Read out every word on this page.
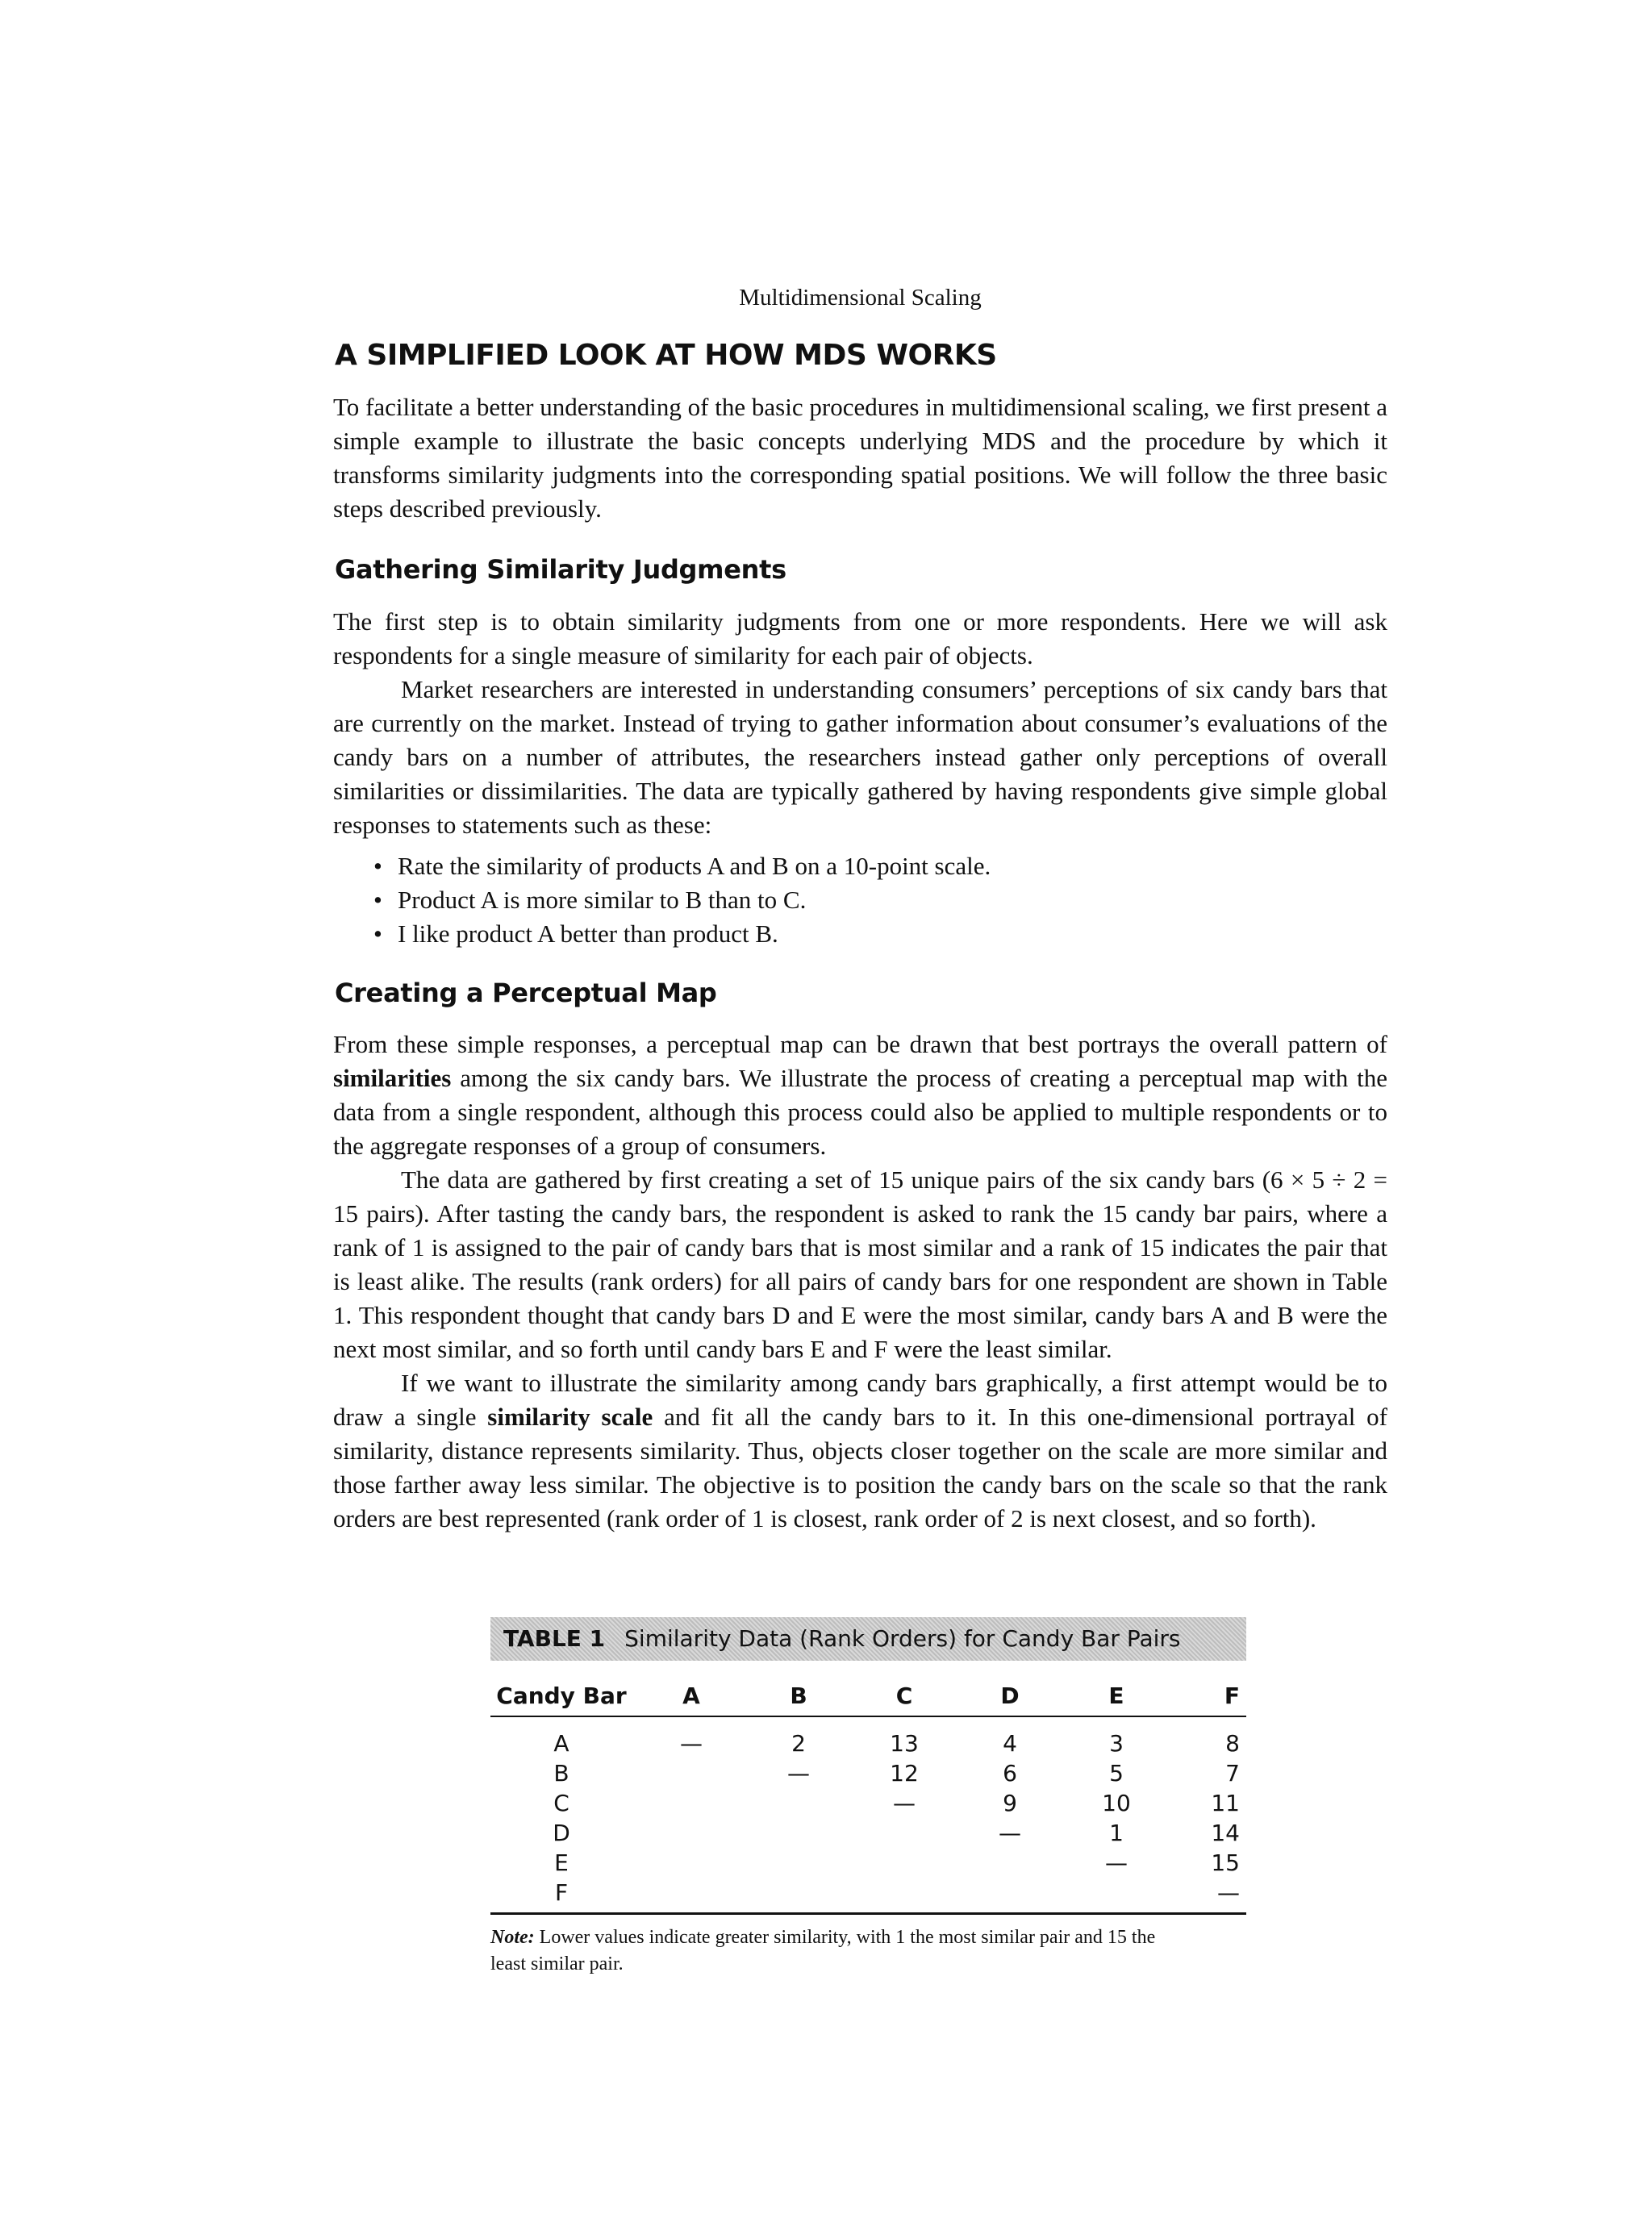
Multidimensional Scaling
A SIMPLIFIED LOOK AT HOW MDS WORKS

To facilitate a better understanding of the basic procedures in multidimensional scaling, we first present a simple example to illustrate the basic concepts underlying MDS and the procedure by which it transforms similarity judgments into the corresponding spatial positions. We will follow the three basic steps described previously.

Gathering Similarity Judgments

The first step is to obtain similarity judgments from one or more respondents. Here we will ask respondents for a single measure of similarity for each pair of objects.

Market researchers are interested in understanding consumers’ perceptions of six candy bars that are currently on the market. Instead of trying to gather information about consumer’s evaluations of the candy bars on a number of attributes, the researchers instead gather only perceptions of overall similarities or dissimilarities. The data are typically gathered by having respondents give simple global responses to statements such as these:

• Rate the similarity of products A and B on a 10-point scale.
• Product A is more similar to B than to C.
• I like product A better than product B.
Creating a Perceptual Map

From these simple responses, a perceptual map can be drawn that best portrays the overall pattern of similarities among the six candy bars. We illustrate the process of creating a perceptual map with the data from a single respondent, although this process could also be applied to multiple respondents or to the aggregate responses of a group of consumers.

The data are gathered by first creating a set of 15 unique pairs of the six candy bars (6 × 5 ÷ 2 = 15 pairs). After tasting the candy bars, the respondent is asked to rank the 15 candy bar pairs, where a rank of 1 is assigned to the pair of candy bars that is most similar and a rank of 15 indicates the pair that is least alike. The results (rank orders) for all pairs of candy bars for one respondent are shown in Table 1. This respondent thought that candy bars D and E were the most similar, candy bars A and B were the next most similar, and so forth until candy bars E and F were the least similar.

If we want to illustrate the similarity among candy bars graphically, a first attempt would be to draw a single similarity scale and fit all the candy bars to it. In this one-dimensional portrayal of similarity, distance represents similarity. Thus, objects closer together on the scale are more similar and those farther away less similar. The objective is to position the candy bars on the scale so that the rank orders are best represented (rank order of 1 is closest, rank order of 2 is next closest, and so forth).

TABLE 1 Similarity Data (Rank Orders) for Candy Bar Pairs
Candy Bar	A	B	C	D	E	F
A	—	2	13	4	3	8
B		—	12	6	5	7
C			—	9	10	11
D				—	1	14
E					—	15
F						—
Note: Lower values indicate greater similarity, with 1 the most similar pair and 15 the least similar pair.
